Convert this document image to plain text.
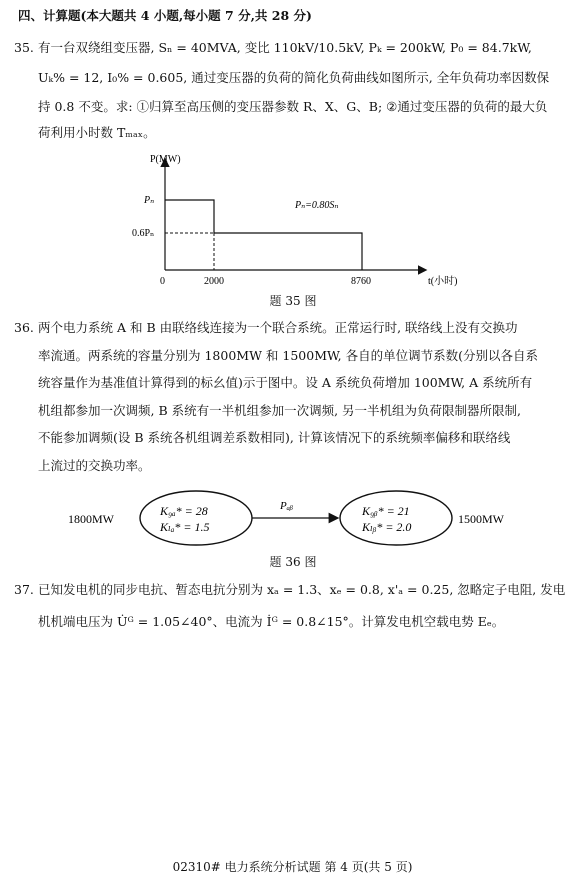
四、计算题(本大题共 4 小题,每小题 7 分,共 28 分)
35. 有一台双绕组变压器, Sₙ = 40MVA, 变比 110kV/10.5kV, Pₖ = 200kW, P₀ = 84.7kW,
Uₖ% = 12, I₀% = 0.605, 通过变压器的负荷的简化负荷曲线如图所示, 全年负荷功率因数保
持 0.8 不变。求: ①归算至高压侧的变压器参数 R、X、G、B; ②通过变压器的负荷的最大负
荷利用小时数 Tₘₐₓ。
P(MW)
Pₙ
0.6Pₙ
Pₙ=0.80Sₙ
0	2000	8760	t(小时)
题 35 图
36. 两个电力系统 A 和 B 由联络线连接为一个联合系统。正常运行时, 联络线上没有交换功
率流通。两系统的容量分别为 1800MW 和 1500MW, 各自的单位调节系数(分别以各自系
统容量作为基准值计算得到的标幺值)示于图中。设 A 系统负荷增加 100MW, A 系统所有
机组都参加一次调频, B 系统有一半机组参加一次调频, 另一半机组为负荷限制器所限制,
不能参加调频(设 B 系统各机组调差系数相同), 计算该情况下的系统频率偏移和联络线
上流过的交换功率。
1800MW
K₉ₐ* = 28
Kₗₐ* = 1.5
Pₐᵦ	K₉ᵦ* = 21
Kₗᵦ* = 2.0
1500MW
题 36 图
37. 已知发电机的同步电抗、暂态电抗分别为 xₐ = 1.3、xₑ = 0.8, x'ₐ = 0.25, 忽略定子电阻, 发电
机机端电压为 U̇ᴳ = 1.05∠40°、电流为 İᴳ = 0.8∠15°。计算发电机空载电势 Eₑ。
02310# 电力系统分析试题 第 4 页(共 5 页)
